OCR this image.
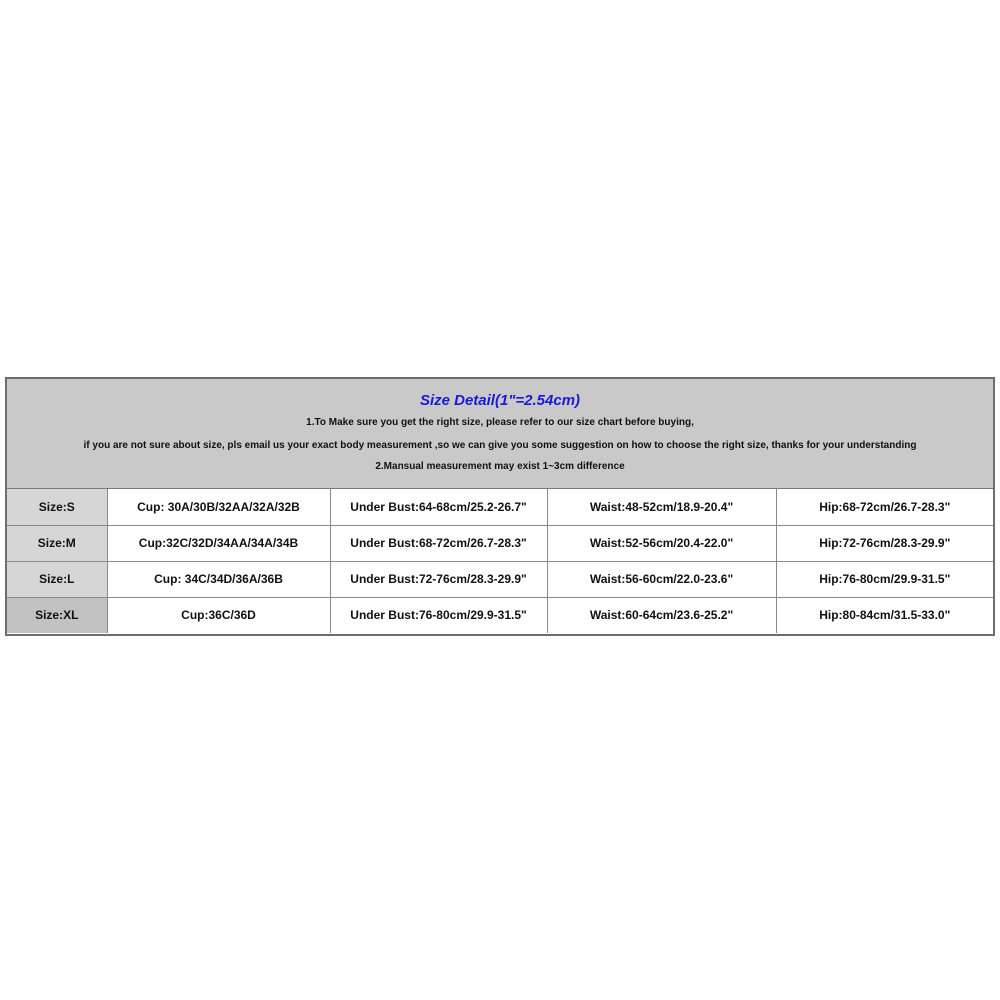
Size Detail(1"=2.54cm)
1.To Make sure you get the right size, please refer to our size chart before buying,
if you are not sure about size, pls email us your exact body measurement ,so we can give you some suggestion on how to choose the right size, thanks for your understanding
2.Mansual measurement may exist 1~3cm difference
Size:S	Cup: 30A/30B/32AA/32A/32B	Under Bust:64-68cm/25.2-26.7"	Waist:48-52cm/18.9-20.4"	Hip:68-72cm/26.7-28.3"
Size:M	Cup:32C/32D/34AA/34A/34B	Under Bust:68-72cm/26.7-28.3"	Waist:52-56cm/20.4-22.0"	Hip:72-76cm/28.3-29.9"
Size:L	Cup: 34C/34D/36A/36B	Under Bust:72-76cm/28.3-29.9"	Waist:56-60cm/22.0-23.6"	Hip:76-80cm/29.9-31.5"
Size:XL	Cup:36C/36D	Under Bust:76-80cm/29.9-31.5"	Waist:60-64cm/23.6-25.2"	Hip:80-84cm/31.5-33.0"
